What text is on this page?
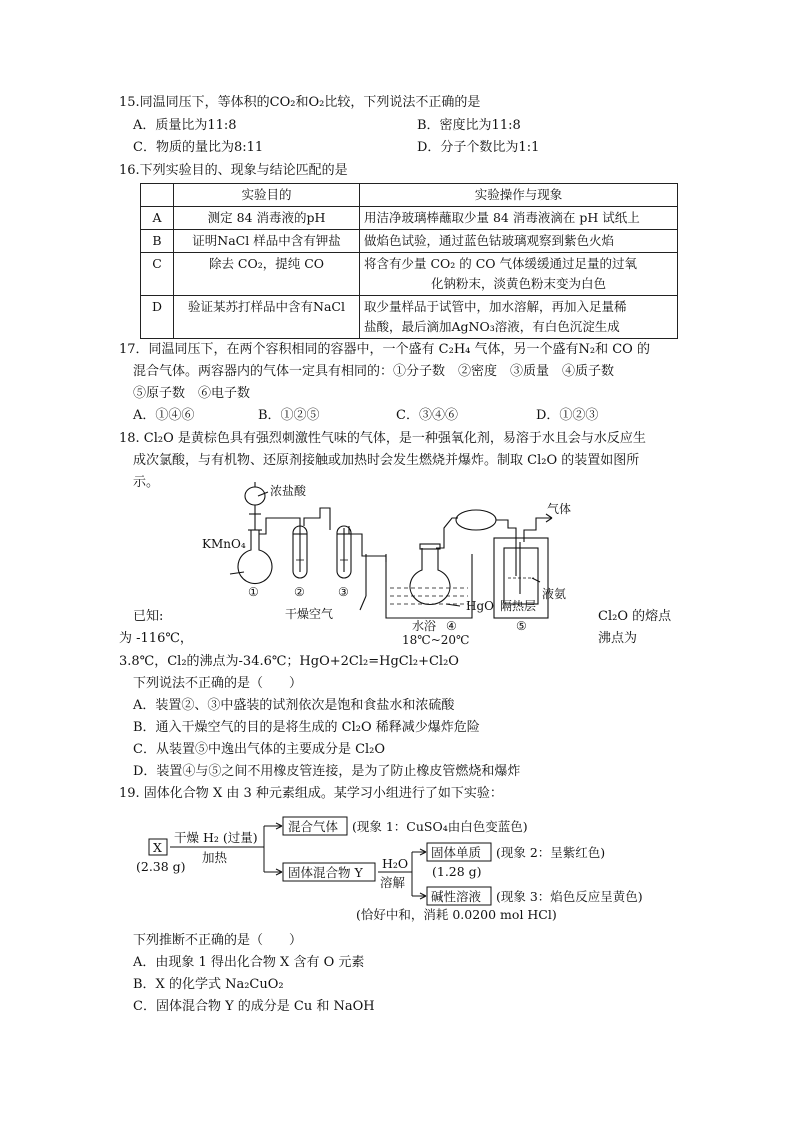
15.同温同压下，等体积的CO₂和O₂比较，下列说法不正确的是
A．质量比为11:8	B．密度比为11:8
C．物质的量比为8:11	D．分子个数比为1:1
16.下列实验目的、现象与结论匹配的是
	实验目的	实验操作与现象
A	测定 84 消毒液的pH	用洁净玻璃棒蘸取少量 84 消毒液滴在 pH 试纸上
B	证明NaCl 样品中含有钾盐	做焰色试验，通过蓝色钴玻璃观察到紫色火焰
C	除去 CO₂，提纯 CO	将含有少量 CO₂ 的 CO 气体缓缓通过足量的过氧
化钠粉末，淡黄色粉末变为白色

D	验证某苏打样品中含有NaCl	取少量样品于试管中，加水溶解，再加入足量稀
盐酸，最后滴加AgNO₃溶液，有白色沉淀生成
17．同温同压下，在两个容积相同的容器中，一个盛有 C₂H₄ 气体，另一个盛有N₂和 CO 的
混合气体。两容器内的气体一定具有相同的：①分子数　②密度　③质量　④质子数
⑤原子数　⑥电子数
A．①④⑥	B．①②⑤	C．③④⑥	D．①②③
18. Cl₂O 是黄棕色具有强烈刺激性气味的气体，是一种强氧化剂，易溶于水且会与水反应生
成次氯酸，与有机物、还原剂接触或加热时会发生燃烧并爆炸。制取 Cl₂O 的装置如图所
示。
浓盐酸
KMnO₄
气体
干燥空气
HgO 隔热层
液氨
水浴
18℃~20℃
①	②	③
④	⑤
已知:	Cl₂O 的熔点
为 -116℃，	沸点为
3.8℃，Cl₂的沸点为-34.6℃；HgO+2Cl₂=HgCl₂+Cl₂O
下列说法不正确的是（　　）
A．装置②、③中盛装的试剂依次是饱和食盐水和浓硫酸
B．通入干燥空气的目的是将生成的 Cl₂O 稀释减少爆炸危险
C．从装置⑤中逸出气体的主要成分是 Cl₂O
D．装置④与⑤之间不用橡皮管连接，是为了防止橡皮管燃烧和爆炸
19. 固体化合物 X 由 3 种元素组成。某学习小组进行了如下实验：
X
(2.38 g)
干燥 H₂ (过量)
加热
混合气体 (现象 1：CuSO₄由白色变蓝色)
固体混合物 Y
H₂O
溶解
固体单质 (现象 2：呈紫红色)
(1.28 g)
碱性溶液 (现象 3：焰色反应呈黄色)
(恰好中和，消耗 0.0200 mol HCl)
下列推断不正确的是（　　）
A．由现象 1 得出化合物 X 含有 O 元素
B．X 的化学式 Na₂CuO₂
C．固体混合物 Y 的成分是 Cu 和 NaOH
